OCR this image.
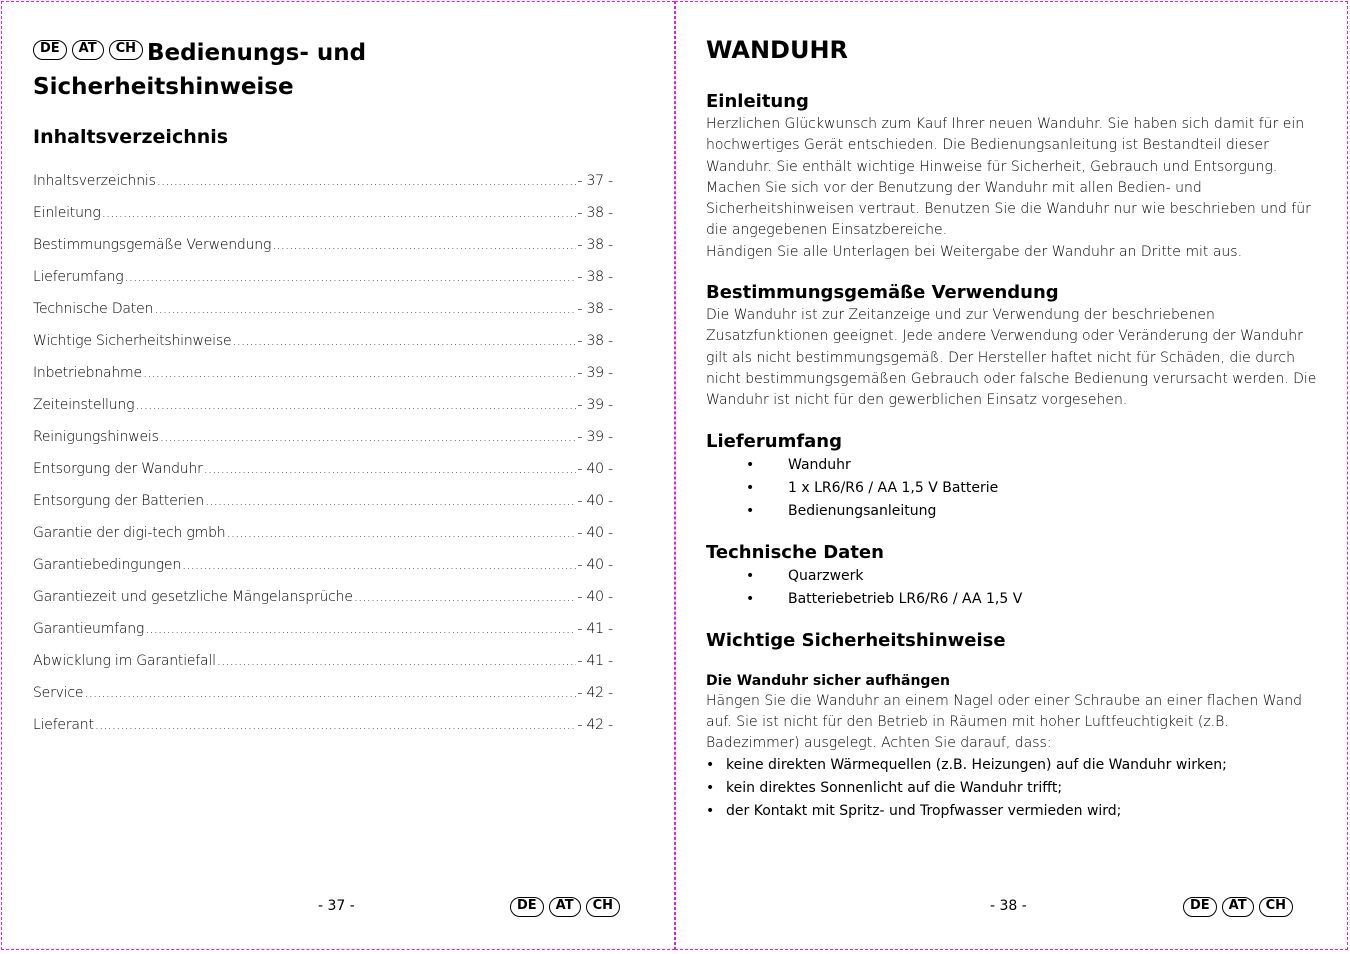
DE	AT	CH Bedienungs- und
Sicherheitshinweise
Inhaltsverzeichnis
Inhaltsverzeichnis .....	- 37 -
Einleitung .....	- 38 -
Bestimmungsgemäße Verwendung .....	- 38 -
Lieferumfang .....	- 38 -
Technische Daten .....	- 38 -
Wichtige Sicherheitshinweise .....	- 38 -
Inbetriebnahme .....	- 39 -
Zeiteinstellung .....	- 39 -
Reinigungshinweis .....	- 39 -
Entsorgung der Wanduhr .....	- 40 -
Entsorgung der Batterien .....	- 40 -
Garantie der digi-tech gmbh .....	- 40 -
Garantiebedingungen .....	- 40 -
Garantiezeit und gesetzliche Mängelansprüche .....	- 40 -
Garantieumfang .....	- 41 -
Abwicklung im Garantiefall .....	- 41 -
Service .....	- 42 -
Lieferant .....	- 42 -
- 37 -	DE	AT	CH
WANDUHR
Einleitung
Herzlichen Glückwunsch zum Kauf Ihrer neuen Wanduhr. Sie haben sich damit für ein hochwertiges Gerät entschieden. Die Bedienungsanleitung ist Bestandteil dieser Wanduhr. Sie enthält wichtige Hinweise für Sicherheit, Gebrauch und Entsorgung. Machen Sie sich vor der Benutzung der Wanduhr mit allen Bedien- und Sicherheitshinweisen vertraut. Benutzen Sie die Wanduhr nur wie beschrieben und für die angegebenen Einsatzbereiche.
Händigen Sie alle Unterlagen bei Weitergabe der Wanduhr an Dritte mit aus.
Bestimmungsgemäße Verwendung
Die Wanduhr ist zur Zeitanzeige und zur Verwendung der beschriebenen Zusatzfunktionen geeignet. Jede andere Verwendung oder Veränderung der Wanduhr gilt als nicht bestimmungsgemäß. Der Hersteller haftet nicht für Schäden, die durch nicht bestimmungsgemäßen Gebrauch oder falsche Bedienung verursacht werden. Die Wanduhr ist nicht für den gewerblichen Einsatz vorgesehen.
Lieferumfang
•	Wanduhr
•	1 x LR6/R6 / AA 1,5 V Batterie
•	Bedienungsanleitung
Technische Daten
•	Quarzwerk
•	Batteriebetrieb LR6/R6 / AA 1,5 V
Wichtige Sicherheitshinweise
Die Wanduhr sicher aufhängen
Hängen Sie die Wanduhr an einem Nagel oder einer Schraube an einer flachen Wand auf. Sie ist nicht für den Betrieb in Räumen mit hoher Luftfeuchtigkeit (z.B. Badezimmer) ausgelegt. Achten Sie darauf, dass:
• keine direkten Wärmequellen (z.B. Heizungen) auf die Wanduhr wirken;
• kein direktes Sonnenlicht auf die Wanduhr trifft;
• der Kontakt mit Spritz- und Tropfwasser vermieden wird;
- 38 -	DE	AT	CH
